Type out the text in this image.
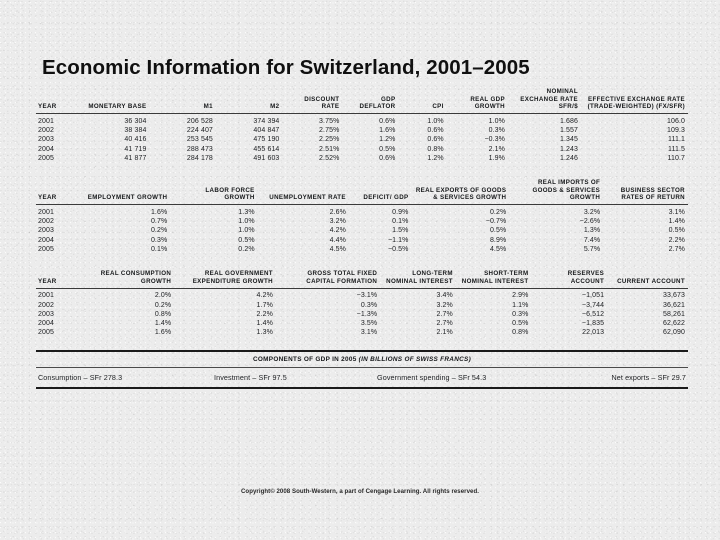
Economic Information for Switzerland, 2001–2005
YEAR	MONETARY BASE	M1	M2	DISCOUNT RATE	GDP DEFLATOR	CPI	REAL GDP GROWTH	NOMINAL EXCHANGE RATE SFR/$	EFFECTIVE EXCHANGE RATE (TRADE-WEIGHTED) (FX/SFR)

2001	36 304	206 528	374 394	3.75%	0.6%	1.0%	1.0%	1.686	106.0
2002	38 384	224 407	404 847	2.75%	1.6%	0.6%	0.3%	1.557	109.3
2003	40 416	253 545	475 190	2.25%	1.2%	0.6%	−0.3%	1.345	111.1
2004	41 719	288 473	455 614	2.51%	0.5%	0.8%	2.1%	1.243	111.5
2005	41 877	284 178	491 603	2.52%	0.6%	1.2%	1.9%	1.246	110.7
YEAR	EMPLOYMENT GROWTH	LABOR FORCE GROWTH	UNEMPLOYMENT RATE	DEFICIT/ GDP	REAL EXPORTS OF GOODS & SERVICES GROWTH	REAL IMPORTS OF GOODS & SERVICES GROWTH	BUSINESS SECTOR RATES OF RETURN

2001	1.6%	1.3%	2.6%	0.9%	0.2%	3.2%	3.1%
2002	0.7%	1.0%	3.2%	0.1%	−0.7%	−2.6%	1.4%
2003	0.2%	1.0%	4.2%	1.5%	0.5%	1.3%	0.5%
2004	0.3%	0.5%	4.4%	−1.1%	8.9%	7.4%	2.2%
2005	0.1%	0.2%	4.5%	−0.5%	4.5%	5.7%	2.7%
YEAR	REAL CONSUMPTION GROWTH	REAL GOVERNMENT EXPENDITURE GROWTH	GROSS TOTAL FIXED CAPITAL FORMATION	LONG-TERM NOMINAL INTEREST	SHORT-TERM NOMINAL INTEREST	RESERVES ACCOUNT	CURRENT ACCOUNT

2001	2.0%	4.2%	−3.1%	3.4%	2.9%	−1,051	33,673
2002	0.2%	1.7%	0.3%	3.2%	1.1%	−3,744	36,621
2003	0.8%	2.2%	−1.3%	2.7%	0.3%	−6,512	58,261
2004	1.4%	1.4%	3.5%	2.7%	0.5%	−1,835	62,622
2005	1.6%	1.3%	3.1%	2.1%	0.8%	22,013	62,090
COMPONENTS OF GDP IN 2005 (IN BILLIONS OF SWISS FRANCS)
Consumption – SFr 278.3	Investment – SFr 97.5	Government spending – SFr 54.3	Net exports – SFr 29.7
Copyright© 2008 South-Western, a part of Cengage Learning. All rights reserved.
